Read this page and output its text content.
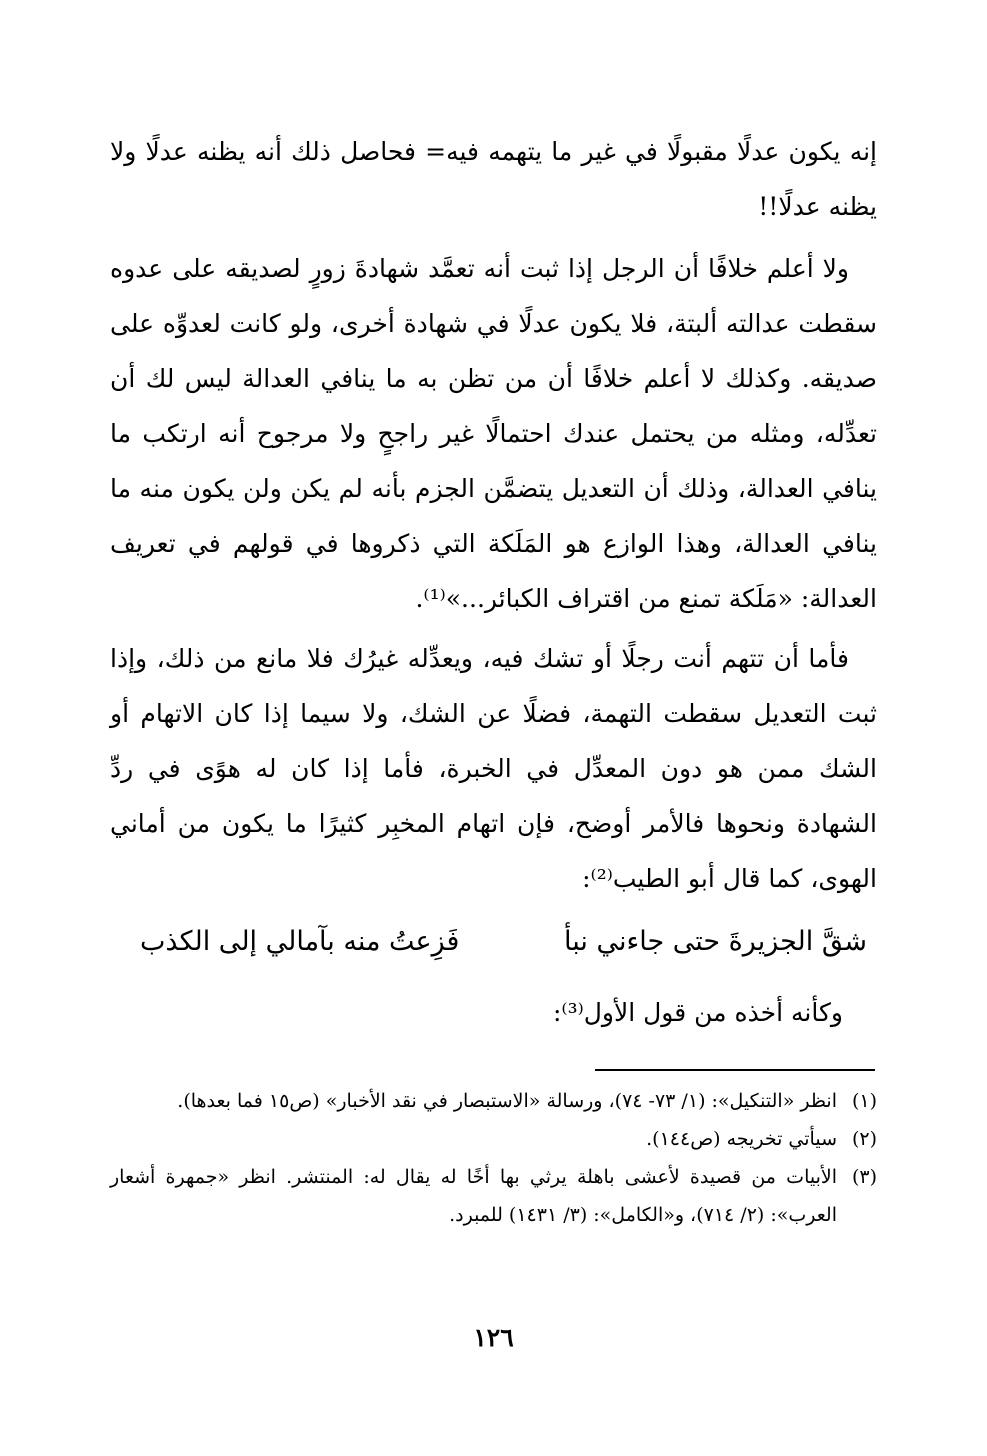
إنه يكون عدلًا مقبولًا في غير ما يتهمه فيه= فحاصل ذلك أنه يظنه عدلًا ولا يظنه عدلًا!!

ولا أعلم خلافًا أن الرجل إذا ثبت أنه تعمَّد شهادةَ زورٍ لصديقه على عدوه سقطت عدالته ألبتة، فلا يكون عدلًا في شهادة أخرى، ولو كانت لعدوِّه على صديقه. وكذلك لا أعلم خلافًا أن من تظن به ما ينافي العدالة ليس لك أن تعدِّله، ومثله من يحتمل عندك احتمالًا غير راجحٍ ولا مرجوح أنه ارتكب ما ينافي العدالة، وذلك أن التعديل يتضمَّن الجزم بأنه لم يكن ولن يكون منه ما ينافي العدالة، وهذا الوازع هو المَلَكة التي ذكروها في قولهم في تعريف العدالة: «مَلَكة تمنع من اقتراف الكبائر...»⁽¹⁾.

فأما أن تتهم أنت رجلًا أو تشك فيه، ويعدِّله غيرُك فلا مانع من ذلك، وإذا ثبت التعديل سقطت التهمة، فضلًا عن الشك، ولا سيما إذا كان الاتهام أو الشك ممن هو دون المعدِّل في الخبرة، فأما إذا كان له هوًى في ردِّ الشهادة ونحوها فالأمر أوضح، فإن اتهام المخبِر كثيرًا ما يكون من أماني الهوى، كما قال أبو الطيب⁽²⁾:

شقَّ الجزيرةَ حتى جاءني نبأ
فَزِعتُ منه بآمالي إلى الكذب
وكأنه أخذه من قول الأول⁽³⁾:
(١)
انظر «التنكيل»: (١/ ٧٣- ٧٤)، ورسالة «الاستبصار في نقد الأخبار» (ص١٥ فما بعدها).
(٢)
سيأتي تخريجه (ص١٤٤).
(٣)
الأبيات من قصيدة لأعشى باهلة يرثي بها أخًا له يقال له: المنتشر. انظر «جمهرة أشعار العرب»: (٢/ ٧١٤)، و«الكامل»: (٣/ ١٤٣١) للمبرد.
١٢٦
